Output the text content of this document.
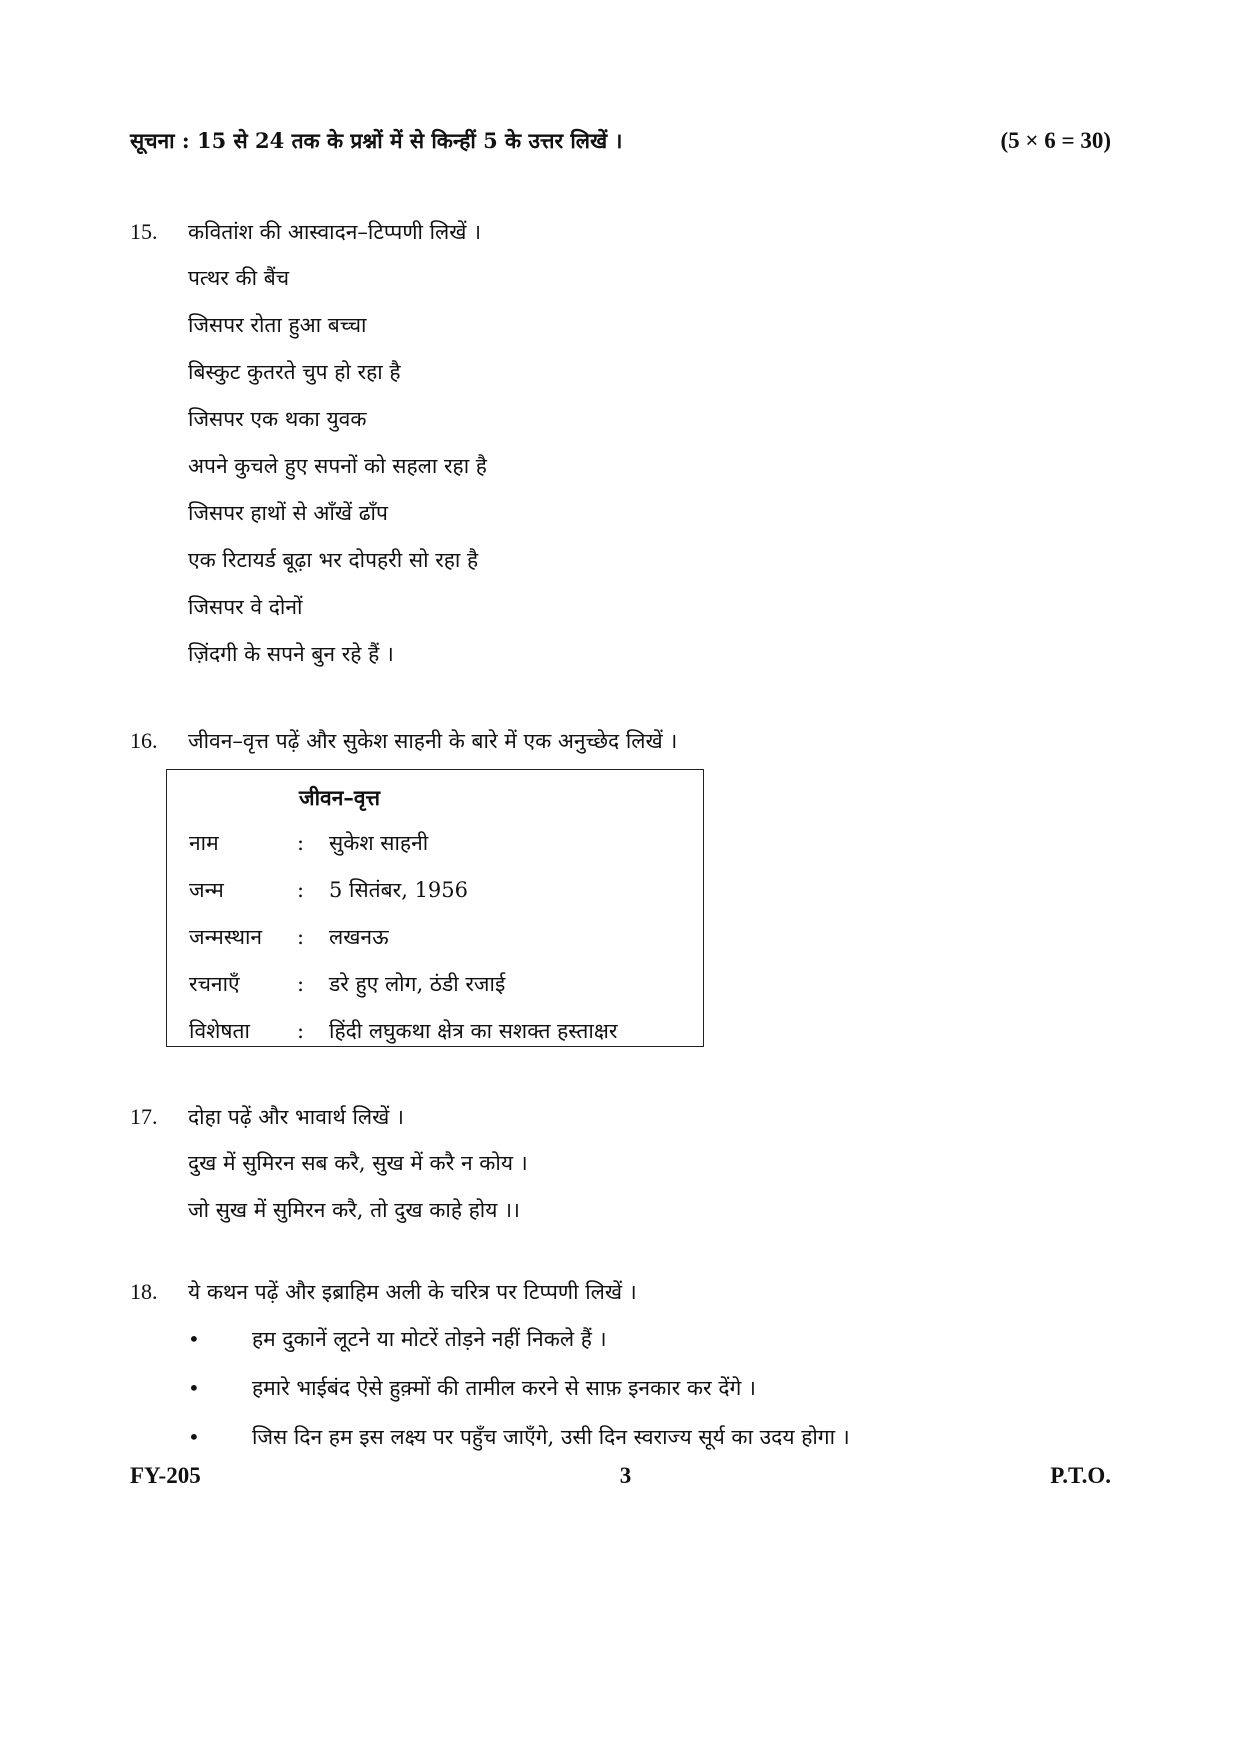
सूचना : 15 से 24 तक के प्रश्नों में से किन्हीं 5 के उत्तर लिखें ।	(5 × 6 = 30)
15.	कवितांश की आस्वादन–टिप्पणी लिखें ।
पत्थर की बैंच
जिसपर रोता हुआ बच्चा
बिस्कुट कुतरते चुप हो रहा है
जिसपर एक थका युवक
अपने कुचले हुए सपनों को सहला रहा है
जिसपर हाथों से आँखें ढाँप
एक रिटायर्ड बूढ़ा भर दोपहरी सो रहा है
जिसपर वे दोनों
ज़िंदगी के सपने बुन रहे हैं ।
16.	जीवन–वृत्त पढ़ें और सुकेश साहनी के बारे में एक अनुच्छेद लिखें ।
जीवन–वृत्त
नाम	:	सुकेश साहनी
जन्म	:	5 सितंबर, 1956
जन्मस्थान	:	लखनऊ
रचनाएँ	:	डरे हुए लोग, ठंडी रजाई
विशेषता	:	हिंदी लघुकथा क्षेत्र का सशक्त हस्ताक्षर
17.	दोहा पढ़ें और भावार्थ लिखें ।
दुख में सुमिरन सब करै, सुख में करै न कोय ।
जो सुख में सुमिरन करै, तो दुख काहे होय ।।
18.	ये कथन पढ़ें और इब्राहिम अली के चरित्र पर टिप्पणी लिखें ।
•	हम दुकानें लूटने या मोटरें तोड़ने नहीं निकले हैं ।
•	हमारे भाईबंद ऐसे हुक़्मों की तामील करने से साफ़ इनकार कर देंगे ।
•	जिस दिन हम इस लक्ष्य पर पहुँच जाएँगे, उसी दिन स्वराज्य सूर्य का उदय होगा ।
FY-205	3	P.T.O.
